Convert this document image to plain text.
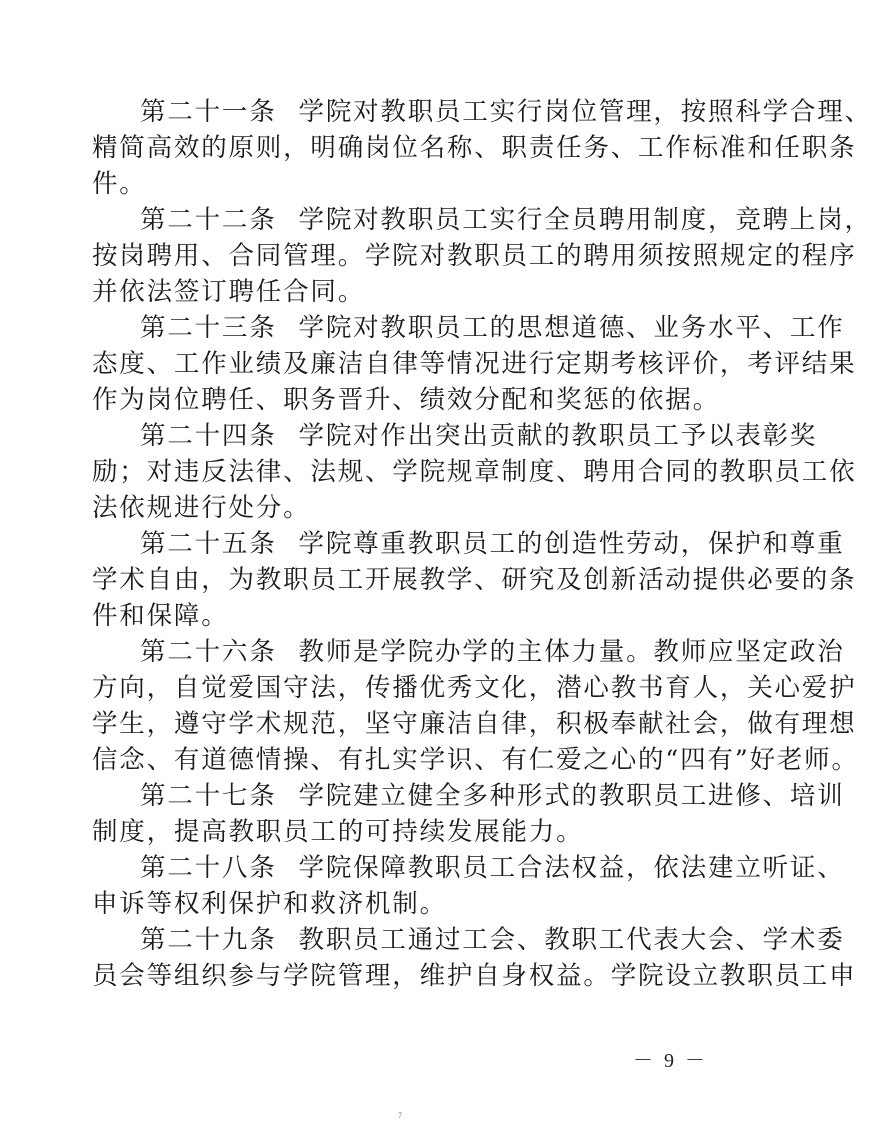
第二十一条 学院对教职员工实行岗位管理，按照科学合理、
精简高效的原则，明确岗位名称、职责任务、工作标准和任职条
件。
第二十二条 学院对教职员工实行全员聘用制度，竞聘上岗，
按岗聘用、合同管理。学院对教职员工的聘用须按照规定的程序
并依法签订聘任合同。
第二十三条 学院对教职员工的思想道德、业务水平、工作
态度、工作业绩及廉洁自律等情况进行定期考核评价，考评结果
作为岗位聘任、职务晋升、绩效分配和奖惩的依据。
第二十四条 学院对作出突出贡献的教职员工予以表彰奖
励；对违反法律、法规、学院规章制度、聘用合同的教职员工依
法依规进行处分。
第二十五条 学院尊重教职员工的创造性劳动，保护和尊重
学术自由，为教职员工开展教学、研究及创新活动提供必要的条
件和保障。
第二十六条 教师是学院办学的主体力量。教师应坚定政治
方向，自觉爱国守法，传播优秀文化，潜心教书育人，关心爱护
学生，遵守学术规范，坚守廉洁自律，积极奉献社会，做有理想
信念、有道德情操、有扎实学识、有仁爱之心的“四有”好老师。
第二十七条 学院建立健全多种形式的教职员工进修、培训
制度，提高教职员工的可持续发展能力。
第二十八条 学院保障教职员工合法权益，依法建立听证、
申诉等权利保护和救济机制。
第二十九条 教职员工通过工会、教职工代表大会、学术委
员会等组织参与学院管理，维护自身权益。学院设立教职员工申
－ 9 －
7
